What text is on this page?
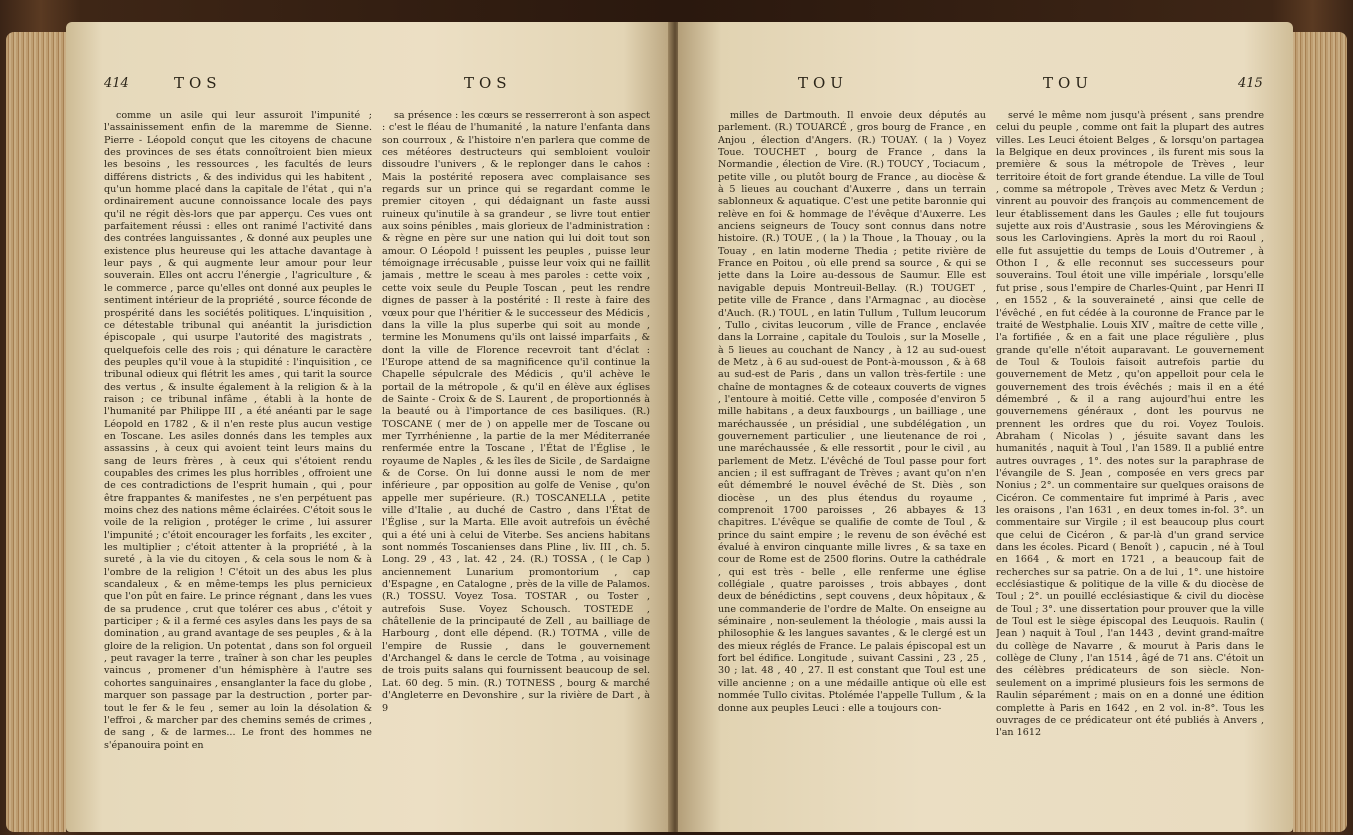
414	TOS	TOS

comme un asile qui leur assuroit l'impunité ; l'assainissement enfin de la maremme de Sienne. Pierre - Léopold conçut que les citoyens de chacune des provinces de ses états connoîtroient bien mieux les besoins , les ressources , les facultés de leurs différens districts , & des individus qui les habitent , qu'un homme placé dans la capitale de l'état , qui n'a ordinairement aucune connoissance locale des pays qu'il ne régit dès-lors que par apperçu. Ces vues ont parfaitement réussi : elles ont ranimé l'activité dans des contrées languissantes , & donné aux peuples une existence plus heureuse qui les attache davantage à leur pays , & qui augmente leur amour pour leur souverain. Elles ont accru l'énergie , l'agriculture , & le commerce , parce qu'elles ont donné aux peuples le sentiment intérieur de la propriété , source féconde de prospérité dans les sociétés politiques. L'inquisition , ce détestable tribunal qui anéantit la jurisdiction épiscopale , qui usurpe l'autorité des magistrats , quelquefois celle des rois ; qui dénature le caractère des peuples qu'il voue à la stupidité : l'inquisition , ce tribunal odieux qui flétrit les ames , qui tarit la source des vertus , & insulte également à la religion & à la raison ; ce tribunal infâme , établi à la honte de l'humanité par Philippe III , a été anéanti par le sage Léopold en 1782 , & il n'en reste plus aucun vestige en Toscane. Les asiles donnés dans les temples aux assassins , à ceux qui avoient teint leurs mains du sang de leurs frères , à ceux qui s'étoient rendu coupables des crimes les plus horribles , offroient une de ces contradictions de l'esprit humain , qui , pour être frappantes & manifestes , ne s'en perpétuent pas moins chez des nations même éclairées. C'étoit sous le voile de la religion , protéger le crime , lui assurer l'impunité ; c'étoit encourager les forfaits , les exciter , les multiplier ; c'étoit attenter à la propriété , à la sureté , à la vie du citoyen , & cela sous le nom & à l'ombre de la religion ! C'étoit un des abus les plus scandaleux , & en même-temps les plus pernicieux que l'on pût en faire. Le prince régnant , dans les vues de sa prudence , crut que tolérer ces abus , c'étoit y participer ; & il a fermé ces asyles dans les pays de sa domination , au grand avantage de ses peuples , & à la gloire de la religion. Un potentat , dans son fol orgueil , peut ravager la terre , traîner à son char les peuples vaincus , promener d'un hémisphère à l'autre ses cohortes sanguinaires , ensanglanter la face du globe , marquer son passage par la destruction , porter par-tout le fer & le feu , semer au loin la désolation & l'effroi , & marcher par des chemins semés de crimes , de sang , & de larmes... Le front des hommes ne s'épanouira point en

sa présence : les cœurs se resserreront à son aspect : c'est le fléau de l'humanité , la nature l'enfanta dans son courroux , & l'histoire n'en parlera que comme de ces météores destructeurs qui sembloient vouloir dissoudre l'univers , & le replonger dans le cahos : Mais la postérité reposera avec complaisance ses regards sur un prince qui se regardant comme le premier citoyen , qui dédaignant un faste aussi ruineux qu'inutile à sa grandeur , se livre tout entier aux soins pénibles , mais glorieux de l'administration : & règne en père sur une nation qui lui doit tout son amour. O Léopold ! puissent les peuples , puisse leur témoignage irrécusable , puisse leur voix qui ne faillit jamais , mettre le sceau à mes paroles : cette voix , cette voix seule du Peuple Toscan , peut les rendre dignes de passer à la postérité : Il reste à faire des vœux pour que l'héritier & le successeur des Médicis , dans la ville la plus superbe qui soit au monde , termine les Monumens qu'ils ont laissé imparfaits , & dont la ville de Florence recevroit tant d'éclat : l'Europe attend de sa magnificence qu'il continue la Chapelle sépulcrale des Médicis , qu'il achève le portail de la métropole , & qu'il en élève aux églises de Sainte - Croix & de S. Laurent , de proportionnés à la beauté ou à l'importance de ces basiliques. (R.) TOSCANE ( mer de ) on appelle mer de Toscane ou mer Tyrrhénienne , la partie de la mer Méditerranée renfermée entre la Toscane , l'État de l'Église , le royaume de Naples , & les îles de Sicile , de Sardaigne & de Corse. On lui donne aussi le nom de mer inférieure , par opposition au golfe de Venise , qu'on appelle mer supérieure. (R.) TOSCANELLA , petite ville d'Italie , au duché de Castro , dans l'État de l'Église , sur la Marta. Elle avoit autrefois un évêché qui a été uni à celui de Viterbe. Ses anciens habitans sont nommés Toscanienses dans Pline , liv. III , ch. 5. Long. 29 , 43 , lat. 42 , 24. (R.) TOSSA , ( le Cap ) anciennement Lunarium promontorium , cap d'Espagne , en Catalogne , près de la ville de Palamos. (R.) TOSSU. Voyez Tosa. TOSTAR , ou Toster , autrefois Suse. Voyez Schousch. TOSTEDE , châtellenie de la principauté de Zell , au bailliage de Harbourg , dont elle dépend. (R.) TOTMA , ville de l'empire de Russie , dans le gouvernement d'Archangel & dans le cercle de Totma , au voisinage de trois puits salans qui fournissent beaucoup de sel. Lat. 60 deg. 5 min. (R.) TOTNESS , bourg & marché d'Angleterre en Devonshire , sur la rivière de Dart , à 9

TOU	TOU	415

milles de Dartmouth. Il envoie deux députés au parlement. (R.) TOUARCÉ , gros bourg de France , en Anjou , élection d'Angers. (R.) TOUAY. ( la ) Voyez Toue. TOUCHET , bourg de France , dans la Normandie , élection de Vire. (R.) TOUCY , Tociacum , petite ville , ou plutôt bourg de France , au diocèse & à 5 lieues au couchant d'Auxerre , dans un terrain sablonneux & aquatique. C'est une petite baronnie qui relève en foi & hommage de l'évêque d'Auxerre. Les anciens seigneurs de Toucy sont connus dans notre histoire. (R.) TOUE , ( la ) la Thoue , la Thouay , ou la Touay , en latin moderne Thedia ; petite rivière de France en Poitou , où elle prend sa source , & qui se jette dans la Loire au-dessous de Saumur. Elle est navigable depuis Montreuil-Bellay. (R.) TOUGET , petite ville de France , dans l'Armagnac , au diocèse d'Auch. (R.) TOUL , en latin Tullum , Tullum leucorum , Tullo , civitas leucorum , ville de France , enclavée dans la Lorraine , capitale du Toulois , sur la Moselle , à 5 lieues au couchant de Nancy , à 12 au sud-ouest de Metz , à 6 au sud-ouest de Pont-à-mousson , & à 68 au sud-est de Paris , dans un vallon très-fertile : une chaîne de montagnes & de coteaux couverts de vignes , l'entoure à moitié. Cette ville , composée d'environ 5 mille habitans , a deux fauxbourgs , un bailliage , une maréchaussée , un présidial , une subdélégation , un gouvernement particulier , une lieutenance de roi , une maréchaussée , & elle ressortit , pour le civil , au parlement de Metz. L'évêché de Toul passe pour fort ancien ; il est suffragant de Trèves ; avant qu'on n'en eût démembré le nouvel évêché de St. Diès , son diocèse , un des plus étendus du royaume , comprenoit 1700 paroisses , 26 abbayes & 13 chapitres. L'évêque se qualifie de comte de Toul , & prince du saint empire ; le revenu de son évêché est évalué à environ cinquante mille livres , & sa taxe en cour de Rome est de 2500 florins. Outre la cathédrale , qui est très - belle , elle renferme une église collégiale , quatre paroisses , trois abbayes , dont deux de bénédictins , sept couvens , deux hôpitaux , & une commanderie de l'ordre de Malte. On enseigne au séminaire , non-seulement la théologie , mais aussi la philosophie & les langues savantes , & le clergé est un des mieux réglés de France. Le palais épiscopal est un fort bel édifice. Longitude , suivant Cassini , 23 , 25 , 30 ; lat. 48 , 40 , 27. Il est constant que Toul est une ville ancienne ; on a une médaille antique où elle est nommée Tullo civitas. Ptolémée l'appelle Tullum , & la donne aux peuples Leuci : elle a toujours con-

servé le même nom jusqu'à présent , sans prendre celui du peuple , comme ont fait la plupart des autres villes. Les Leuci étoient Belges , & lorsqu'on partagea la Belgique en deux provinces , ils furent mis sous la première & sous la métropole de Trèves , leur territoire étoit de fort grande étendue. La ville de Toul , comme sa métropole , Trèves avec Metz & Verdun ; vinrent au pouvoir des françois au commencement de leur établissement dans les Gaules ; elle fut toujours sujette aux rois d'Austrasie , sous les Mérovingiens & sous les Carlovingiens. Après la mort du roi Raoul , elle fut assujettie du temps de Louis d'Outremer , à Othon I , & elle reconnut ses successeurs pour souverains. Toul étoit une ville impériale , lorsqu'elle fut prise , sous l'empire de Charles-Quint , par Henri II , en 1552 , & la souveraineté , ainsi que celle de l'évêché , en fut cédée à la couronne de France par le traité de Westphalie. Louis XIV , maître de cette ville , l'a fortifiée , & en a fait une place régulière , plus grande qu'elle n'étoit auparavant. Le gouvernement de Toul & Toulois faisoit autrefois partie du gouvernement de Metz , qu'on appelloit pour cela le gouvernement des trois évêchés ; mais il en a été démembré , & il a rang aujourd'hui entre les gouvernemens généraux , dont les pourvus ne prennent les ordres que du roi. Voyez Toulois. Abraham ( Nicolas ) , jésuite savant dans les humanités , naquit à Toul , l'an 1589. Il a publié entre autres ouvrages , 1°. des notes sur la paraphrase de l'évangile de S. Jean , composée en vers grecs par Nonius ; 2°. un commentaire sur quelques oraisons de Cicéron. Ce commentaire fut imprimé à Paris , avec les oraisons , l'an 1631 , en deux tomes in-fol. 3°. un commentaire sur Virgile ; il est beaucoup plus court que celui de Cicéron , & par-là d'un grand service dans les écoles. Picard ( Benoît ) , capucin , né à Toul en 1664 , & mort en 1721 , a beaucoup fait de recherches sur sa patrie. On a de lui , 1°. une histoire ecclésiastique & politique de la ville & du diocèse de Toul ; 2°. un pouillé ecclésiastique & civil du diocèse de Toul ; 3°. une dissertation pour prouver que la ville de Toul est le siège épiscopal des Leuquois. Raulin ( Jean ) naquit à Toul , l'an 1443 , devint grand-maître du collège de Navarre , & mourut à Paris dans le collège de Cluny , l'an 1514 , âgé de 71 ans. C'étoit un des célèbres prédicateurs de son siècle. Non-seulement on a imprimé plusieurs fois les sermons de Raulin séparément ; mais on en a donné une édition complette à Paris en 1642 , en 2 vol. in-8°. Tous les ouvrages de ce prédicateur ont été publiés à Anvers , l'an 1612
